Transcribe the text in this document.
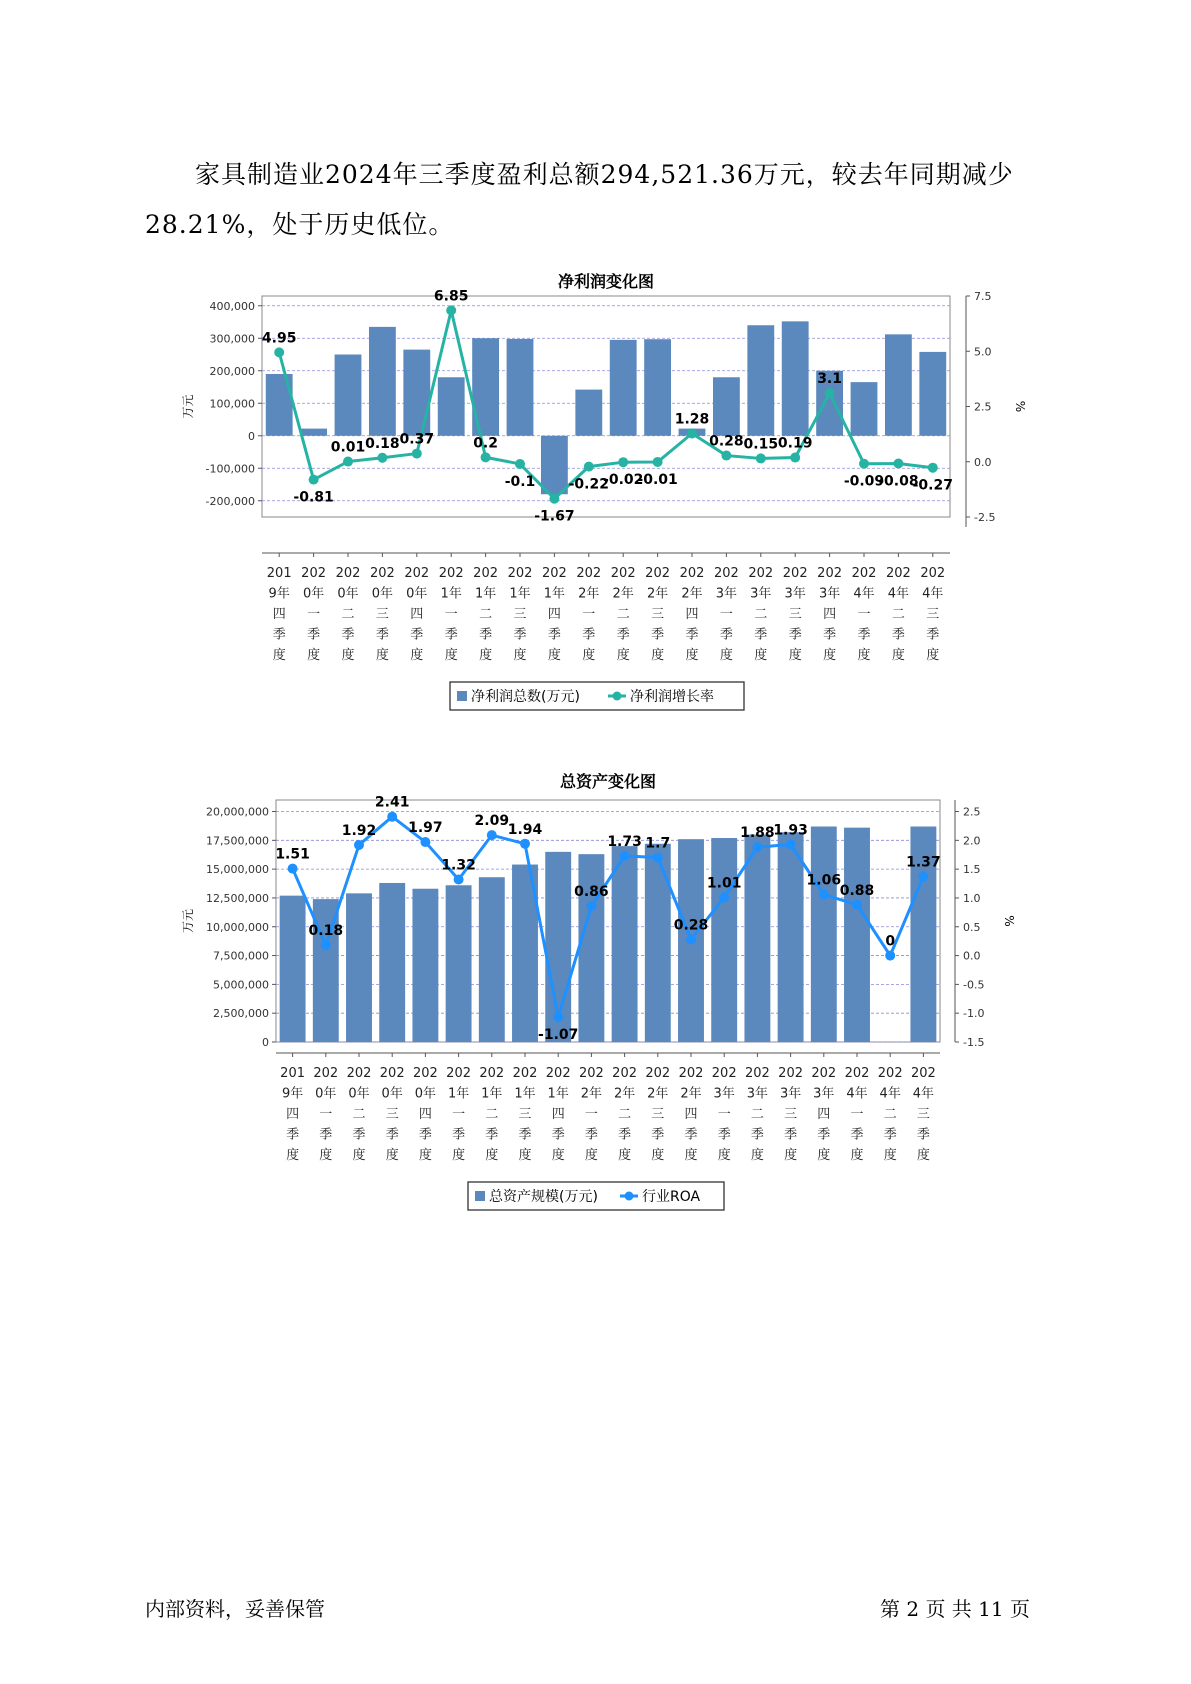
家具制造业2024年三季度盈利总额294,521.36万元，较去年同期减少28.21%，处于历史低位。

净利润变化图
-200,000
-100,000
0
100,000
200,000
300,000
400,000
-2.5
0.0
2.5
5.0
7.5
万元	%
4.95
-0.81
0.01 0.18 0.37
6.85
0.2
-0.1
-1.67
-0.22
-0.02
-0.01
1.28
0.28 0.15 0.19
3.1
-0.09
-0.08
-0.27
201
9年
四
季
度
202
0年
一
季
度
202
0年
二
季
度
202
0年
三
季
度
202
0年
四
季
度
202
1年
一
季
度
202
1年
二
季
度
202
1年
三
季
度
202
1年
四
季
度
202
2年
一
季
度
202
2年
二
季
度
202
2年
三
季
度
202
2年
四
季
度
202
3年
一
季
度
202
3年
二
季
度
202
3年
三
季
度
202
3年
四
季
度
202
4年
一
季
度
202
4年
二
季
度
202
4年
三
季
度
净利润总数(万元)	净利润增长率
总资产变化图
0
2,500,000
5,000,000
7,500,000
10,000,000
12,500,000
15,000,000
17,500,000
20,000,000
-1.5
-1.0
-0.5
0.0
0.5
1.0
1.5
2.0
2.5
万元	%
1.51
0.18
1.92
2.41
1.97
1.32
2.09
1.94
-1.07
0.86
1.73 1.7
0.28
1.01
1.88
1.93
1.06
0.88
0
1.37
201
9年
四
季
度
202
0年
一
季
度
202
0年
二
季
度
202
0年
三
季
度
202
0年
四
季
度
202
1年
一
季
度
202
1年
二
季
度
202
1年
三
季
度
202
1年
四
季
度
202
2年
一
季
度
202
2年
二
季
度
202
2年
三
季
度
202
2年
四
季
度
202
3年
一
季
度
202
3年
二
季
度
202
3年
三
季
度
202
3年
四
季
度
202
4年
一
季
度
202
4年
二
季
度
202
4年
三
季
度
总资产规模(万元)	行业ROA
内部资料，妥善保管	第 2 页 共 11 页
